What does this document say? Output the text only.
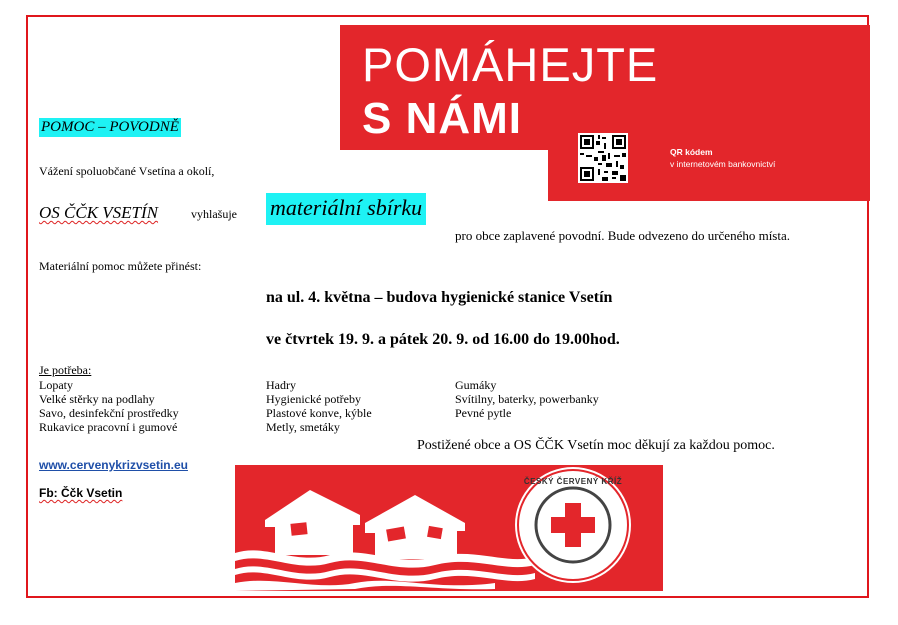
POMÁHEJTE
S NÁMI
QR kódem
v internetovém bankovnictví
POMOC – POVODNĚ
Vážení spoluobčané Vsetína a okolí,
OS ČČK VSETÍN	vyhlašuje materiální sbírku
pro obce zaplavené povodní. Bude odvezeno do určeného místa.
Materiální pomoc můžete přinést:
na ul. 4. května – budova hygienické stanice Vsetín
ve čtvrtek 19. 9. a pátek 20. 9. od 16.00 do 19.00hod.
Je potřeba:
Lopaty
Velké stěrky na podlahy
Savo, desinfekční prostředky
Rukavice pracovní i gumové
Hadry
Hygienické potřeby
Plastové konve, kýble
Metly, smetáky
Gumáky
Svítilny, baterky, powerbanky
Pevné pytle
Postižené obce a OS ČČK Vsetín moc děkují za každou pomoc.
www.cervenykrizvsetin.eu
Fb: Ččk Vsetin
ČESKÝ ČERVENÝ KŘÍŽ
